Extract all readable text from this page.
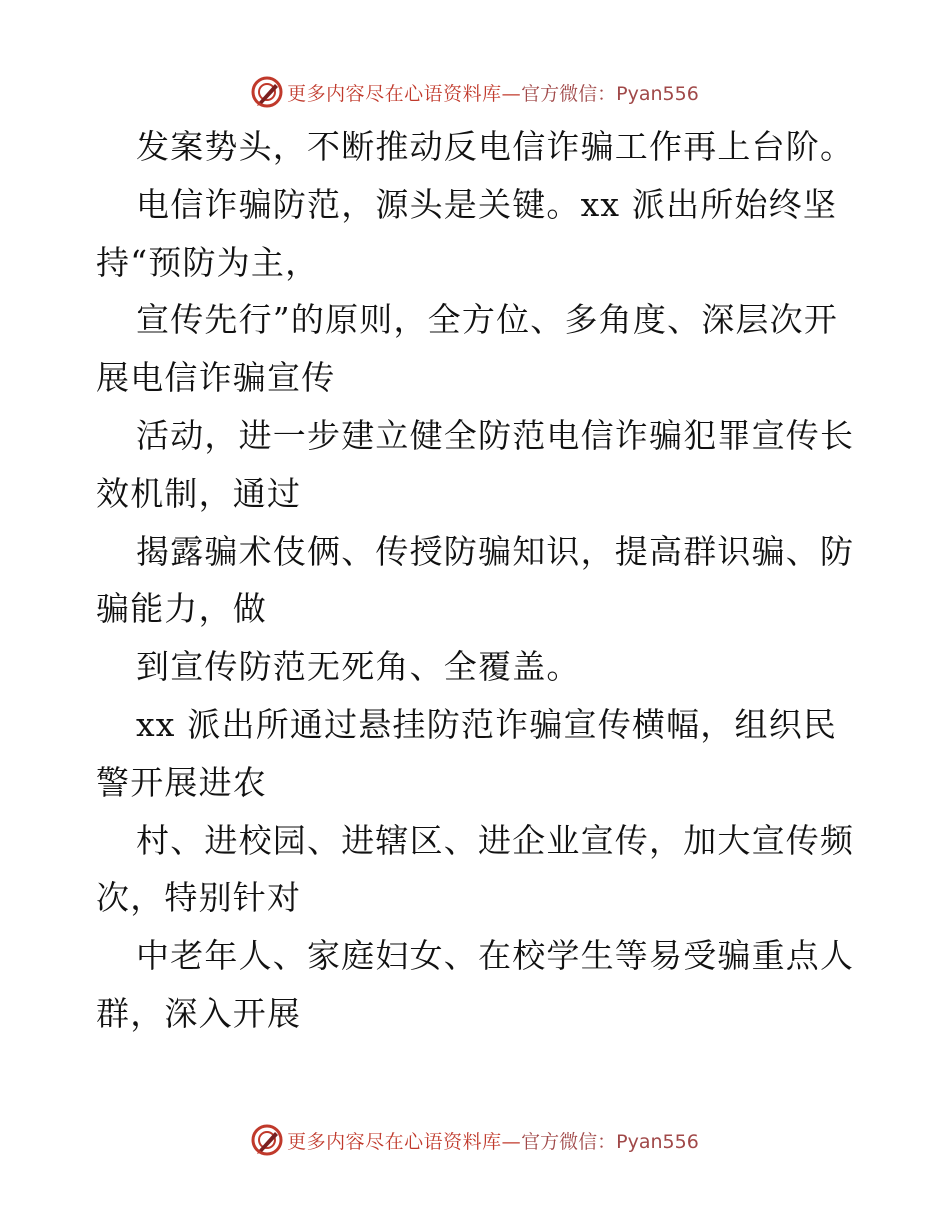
更多内容尽在心语资料库— 官方微信：Pyan556
发案势头，不断推动反电信诈骗工作再上台阶。
电信诈骗防范，源头是关键。xx 派出所始终坚
持“预防为主，
宣传先行”的原则，全方位、多角度、深层次开
展电信诈骗宣传
活动，进一步建立健全防范电信诈骗犯罪宣传长
效机制，通过
揭露骗术伎俩、传授防骗知识，提高群识骗、防
骗能力，做
到宣传防范无死角、全覆盖。
xx 派出所通过悬挂防范诈骗宣传横幅，组织民
警开展进农
村、进校园、进辖区、进企业宣传，加大宣传频
次，特别针对
中老年人、家庭妇女、在校学生等易受骗重点人
群，深入开展
更多内容尽在心语资料库— 官方微信：Pyan556
